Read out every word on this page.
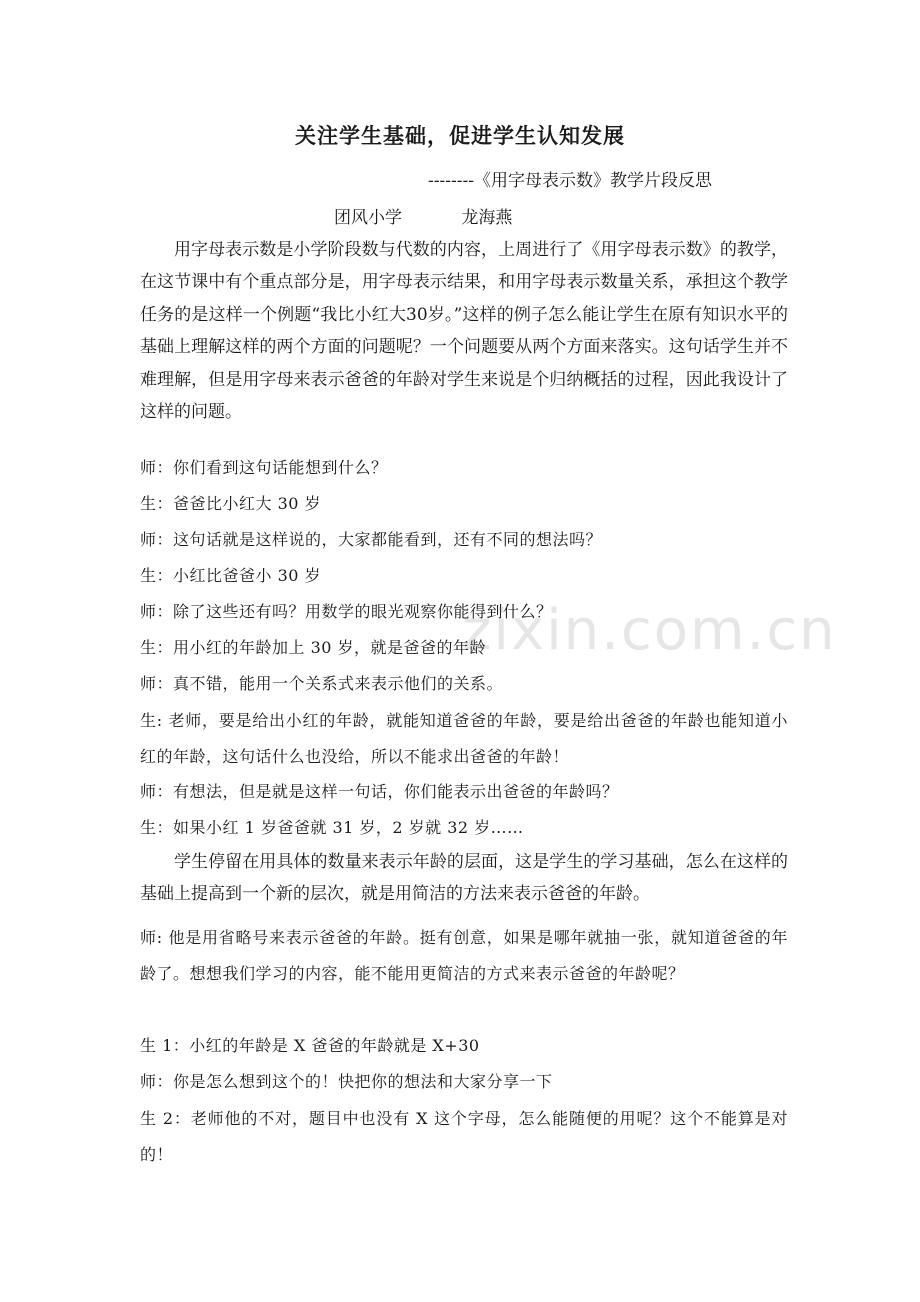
zixin.com.cn
关注学生基础，促进学生认知发展
--------《用字母表示数》教学片段反思
团风小学	龙海燕
用字母表示数是小学阶段数与代数的内容，上周进行了《用字母表示数》的教学，在这节课中有个重点部分是，用字母表示结果，和用字母表示数量关系，承担这个教学任务的是这样一个例题“我比小红大30岁。”这样的例子怎么能让学生在原有知识水平的基础上理解这样的两个方面的问题呢？一个问题要从两个方面来落实。这句话学生并不难理解，但是用字母来表示爸爸的年龄对学生来说是个归纳概括的过程，因此我设计了这样的问题。
师：你们看到这句话能想到什么？
生：爸爸比小红大 30 岁
师：这句话就是这样说的，大家都能看到，还有不同的想法吗？
生：小红比爸爸小 30 岁
师：除了这些还有吗？用数学的眼光观察你能得到什么？
生：用小红的年龄加上 30 岁，就是爸爸的年龄
师：真不错，能用一个关系式来表示他们的关系。
生: 老师，要是给出小红的年龄，就能知道爸爸的年龄，要是给出爸爸的年龄也能知道小红的年龄，这句话什么也没给，所以不能求出爸爸的年龄！
师：有想法，但是就是这样一句话，你们能表示出爸爸的年龄吗？
生：如果小红 1 岁爸爸就 31 岁，2 岁就 32 岁……
学生停留在用具体的数量来表示年龄的层面，这是学生的学习基础，怎么在这样的基础上提高到一个新的层次，就是用简洁的方法来表示爸爸的年龄。
师: 他是用省略号来表示爸爸的年龄。挺有创意，如果是哪年就抽一张，就知道爸爸的年龄了。想想我们学习的内容，能不能用更简洁的方式来表示爸爸的年龄呢？
生 1：小红的年龄是 X 爸爸的年龄就是 X+30
师：你是怎么想到这个的！快把你的想法和大家分享一下
生 2：老师他的不对，题目中也没有 X 这个字母，怎么能随便的用呢？这个不能算是对的！
